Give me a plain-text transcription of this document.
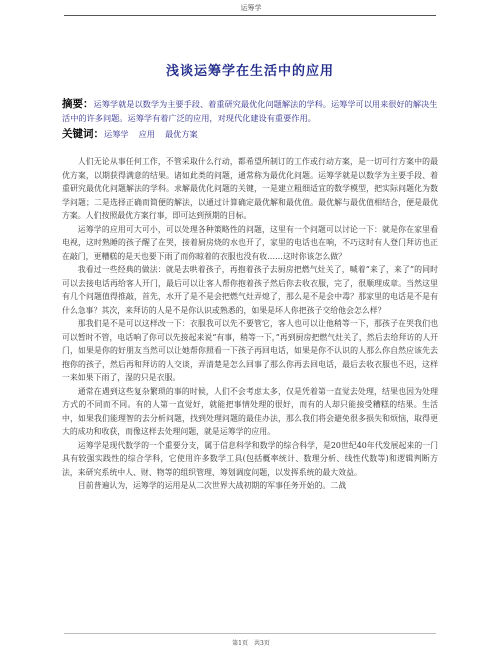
运筹学
浅谈运筹学在生活中的应用

摘要：运筹学就是以数学为主要手段、着重研究最优化问题解法的学科。运筹学可以用来很好的解决生活中的许多问题。运筹学有着广泛的应用，对现代化建设有重要作用。

关键词：运筹学 应用 最优方案

人们无论从事任何工作，不管采取什么行动，都希望所制订的工作或行动方案，是一切可行方案中的最优方案，以期获得满意的结果。诸如此类的问题，通常称为最优化问题。运筹学就是以数学为主要手段、着重研究最优化问题解法的学科。求解最优化问题的关键，一是建立粗细适宜的数学模型，把实际问题化为数学问题；二是选择正确而简便的解法，以通过计算确定最优解和最优值。最优解与最优值相结合，便是最优方案。人们按照最优方案行事，即可达到预期的目标。

运筹学的应用可大可小，可以处理各种策略性的问题，这里有一个问题可以讨论一下：就是你在家里看电视，这时熟睡的孩子醒了在哭，接着厨房烧的水也开了，家里的电话也在响，不巧这时有人登门拜访也正在敲门，更糟糕的是天也要下雨了而你晾着的衣服也没有收……这时你该怎么做？

我看过一些经典的做法：就是去哄着孩子，再抱着孩子去厨房把燃气灶关了，喊着“来了，来了”的同时可以去接电话再给客人开门，最后可以让客人帮你抱着孩子然后你去收衣服，完了，很顺理成章。当然这里有几个问题值得推敲，首先，水开了是不是会把燃气灶弄熄了，那么是不是会中毒？那家里的电话是不是有什么急事？其次，来拜访的人是不是你认识或熟悉的，如果是坏人你把孩子交给他会怎么样？

那我们是不是可以这样改一下：衣服我可以先不要管它，客人也可以让他稍等一下，那孩子在哭我们也可以暂时不管，电话响了你可以先接起来说“有事，稍等一下，”再到厨房把燃气灶关了，然后去给拜访的人开门，如果是你的好朋友当然可以让她帮你照看一下孩子再回电话，如果是你不认识的人那么你自然应该先去抱你的孩子，然后再和拜访的人交谈，弄清楚是怎么回事了那么你再去回电话，最后去收衣服也不迟，这样一来如果下雨了，湿的只是衣服。

通常在遇到这些复杂繁琐的事的时候，人们不会考虑太多，仅是凭着第一直觉去处理，结果也因为处理方式的不同而不同。有的人第一直觉好，就能把事情处理的很好，而有的人却只能接受糟糕的结果。生活中，如果我们能理智的去分析问题，找到处理问题的最佳办法，那么我们将会避免很多损失和烦恼，取得更大的成功和收获，而像这样去处理问题，就是运筹学的应用。

运筹学是现代数学的一个重要分支，属于信息科学和数学的综合科学，是20世纪40年代发展起来的一门具有较强实践性的综合学科，它使用许多数学工具(包括概率统计、数理分析、线性代数等)和逻辑判断方法，来研究系统中人、财、物等的组织管理、筹划调度问题，以发挥系统的最大效益。

目前普遍认为，运筹学的运用是从二次世界大战初期的军事任务开始的。二战

第1页　共3页
